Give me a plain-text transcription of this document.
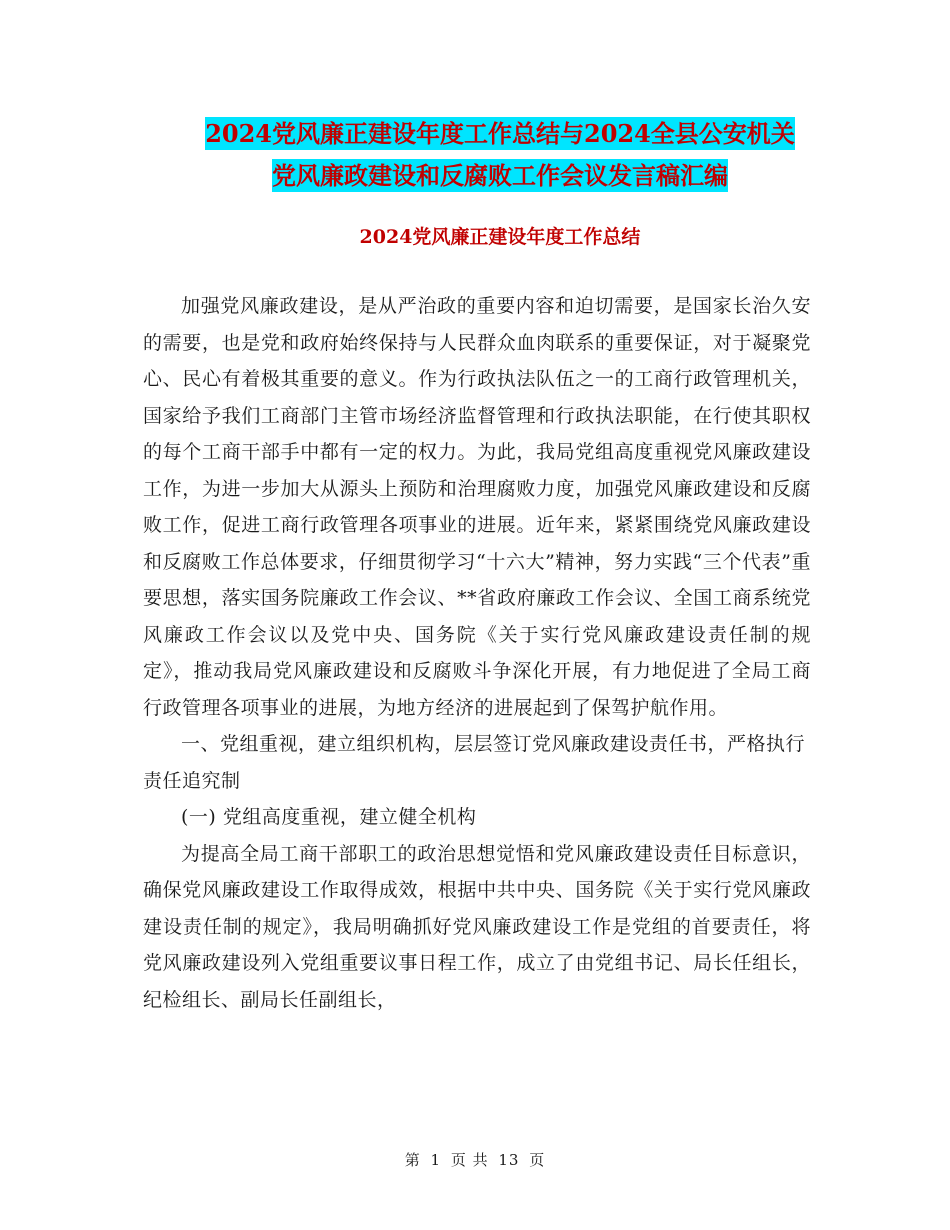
2024党风廉正建设年度工作总结与2024全县公安机关
党风廉政建设和反腐败工作会议发言稿汇编
2024党风廉正建设年度工作总结

加强党风廉政建设，是从严治政的重要内容和迫切需要，是国家长治久安的需要，也是党和政府始终保持与人民群众血肉联系的重要保证，对于凝聚党心、民心有着极其重要的意义。作为行政执法队伍之一的工商行政管理机关，国家给予我们工商部门主管市场经济监督管理和行政执法职能，在行使其职权的每个工商干部手中都有一定的权力。为此，我局党组高度重视党风廉政建设工作，为进一步加大从源头上预防和治理腐败力度，加强党风廉政建设和反腐败工作，促进工商行政管理各项事业的进展。近年来，紧紧围绕党风廉政建设和反腐败工作总体要求，仔细贯彻学习“十六大”精神，努力实践“三个代表”重要思想，落实国务院廉政工作会议、**省政府廉政工作会议、全国工商系统党风廉政工作会议以及党中央、国务院《关于实行党风廉政建设责任制的规定》，推动我局党风廉政建设和反腐败斗争深化开展，有力地促进了全局工商行政管理各项事业的进展，为地方经济的进展起到了保驾护航作用。

一、党组重视，建立组织机构，层层签订党风廉政建设责任书，严格执行责任追究制

(一) 党组高度重视，建立健全机构

为提高全局工商干部职工的政治思想觉悟和党风廉政建设责任目标意识，确保党风廉政建设工作取得成效，根据中共中央、国务院《关于实行党风廉政建设责任制的规定》，我局明确抓好党风廉政建设工作是党组的首要责任，将党风廉政建设列入党组重要议事日程工作，成立了由党组书记、局长任组长，纪检组长、副局长任副组长，

第 1 页 共 13 页
